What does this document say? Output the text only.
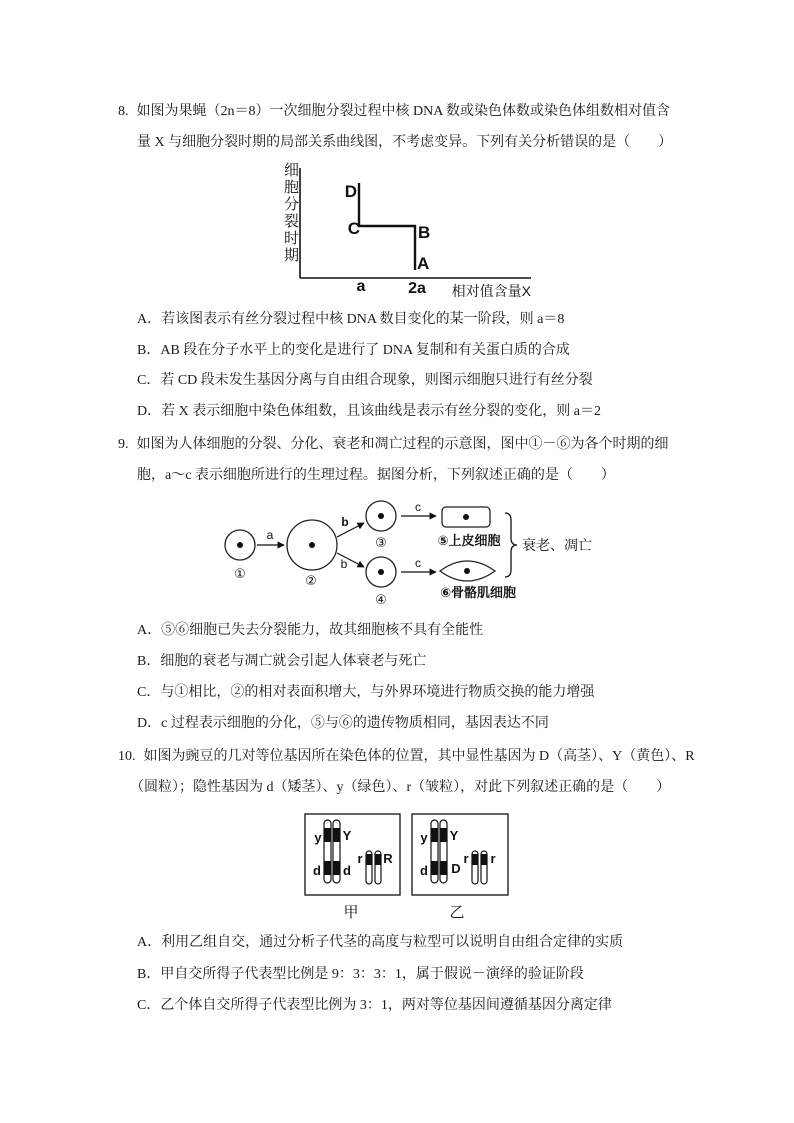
8. 如图为果蝇（2n＝8）一次细胞分裂过程中核 DNA 数或染色体数或染色体组数相对值含
量 X 与细胞分裂时期的局部关系曲线图，不考虑变异。下列有关分析错误的是（　　）
细胞分裂时期	D
C	B
A
a	2a 相对值含量X
A．若该图表示有丝分裂过程中核 DNA 数目变化的某一阶段，则 a＝8
B．AB 段在分子水平上的变化是进行了 DNA 复制和有关蛋白质的合成
C．若 CD 段未发生基因分离与自由组合现象，则图示细胞只进行有丝分裂
D．若 X 表示细胞中染色体组数，且该曲线是表示有丝分裂的变化，则 a＝2
9. 如图为人体细胞的分裂、分化、衰老和凋亡过程的示意图，图中①－⑥为各个时期的细
胞，a～c 表示细胞所进行的生理过程。据图分析，下列叙述正确的是（　　）
①
a
②
b
b
③
④
c
c
⑤上皮细胞
⑥骨骼肌细胞
衰老、凋亡
A．⑤⑥细胞已失去分裂能力，故其细胞核不具有全能性
B．细胞的衰老与凋亡就会引起人体衰老与死亡
C．与①相比，②的相对表面积增大，与外界环境进行物质交换的能力增强
D．c 过程表示细胞的分化，⑤与⑥的遗传物质相同，基因表达不同
10. 如图为豌豆的几对等位基因所在染色体的位置，其中显性基因为 D（高茎）、Y（黄色）、R
（圆粒）；隐性基因为 d（矮茎）、y（绿色）、r（皱粒），对此下列叙述正确的是（　　）
y Y
d d
r R
甲
y Y
d D
r r
乙
A．利用乙组自交，通过分析子代茎的高度与粒型可以说明自由组合定律的实质
B．甲自交所得子代表型比例是 9：3：3：1，属于假说－演绎的验证阶段
C．乙个体自交所得子代表型比例为 3：1，两对等位基因间遵循基因分离定律
